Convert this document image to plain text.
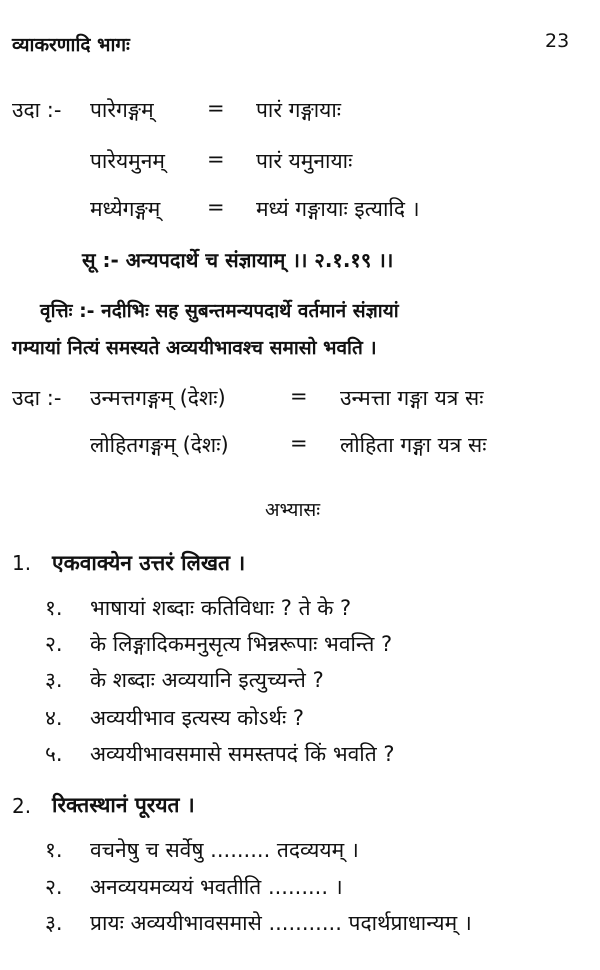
व्याकरणादि भागः	23
उदा :- पारेगङ्गम्	= पारं गङ्गायाः
पारेयमुनम् = पारं यमुनायाः
मध्येगङ्गम् = मध्यं गङ्गायाः इत्यादि ।
सू :- अन्यपदार्थे च संज्ञायाम् ।। २.१.१९ ।।
वृत्तिः :- नदीभिः सह सुबन्तमन्यपदार्थे वर्तमानं संज्ञायां
गम्यायां नित्यं समस्यते अव्ययीभावश्च समासो भवति ।
उदा :- उन्मत्तगङ्गम् (देशः)	= उन्मत्ता गङ्गा यत्र सः
लोहितगङ्गम् (देशः)	= लोहिता गङ्गा यत्र सः
अभ्यासः
1. एकवाक्येन उत्तरं लिखत ।
१. भाषायां शब्दाः कतिविधाः ? ते के ?
२. के लिङ्गादिकमनुसृत्य भिन्नरूपाः भवन्ति ?
३. के शब्दाः अव्ययानि इत्युच्यन्ते ?
४. अव्ययीभाव इत्यस्य कोऽर्थः ?
५. अव्ययीभावसमासे समस्तपदं किं भवति ?
2. रिक्तस्थानं पूरयत ।
१. वचनेषु च सर्वेषु ......... तदव्ययम् ।
२. अनव्ययमव्ययं भवतीति ......... ।
३. प्रायः अव्ययीभावसमासे ........... पदार्थप्राधान्यम् ।
